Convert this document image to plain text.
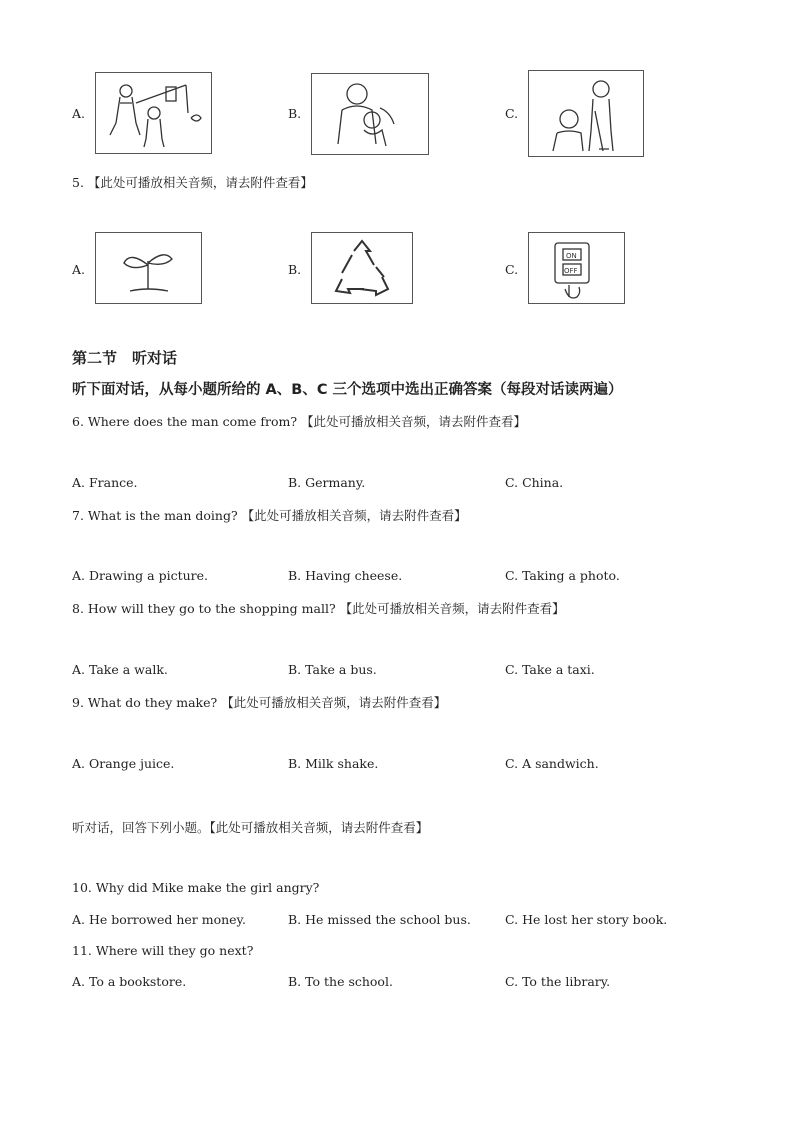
A.	B.	C.
5. 【此处可播放相关音频，请去附件查看】
A.	B.	C.
ON
OFF
第二节　听对话
听下面对话，从每小题所给的 A、B、C 三个选项中选出正确答案（每段对话读两遍）
6. Where does the man come from? 【此处可播放相关音频，请去附件查看】
A. France.	B. Germany.	C. China.
7. What is the man doing? 【此处可播放相关音频，请去附件查看】
A. Drawing a picture.	B. Having cheese.	C. Taking a photo.
8. How will they go to the shopping mall? 【此处可播放相关音频，请去附件查看】
A. Take a walk.	B. Take a bus.	C. Take a taxi.
9. What do they make? 【此处可播放相关音频，请去附件查看】
A. Orange juice.	B. Milk shake.	C. A sandwich.
听对话，回答下列小题。【此处可播放相关音频，请去附件查看】
10. Why did Mike make the girl angry?
A. He borrowed her money.	B. He missed the school bus.	C. He lost her story book.
11. Where will they go next?
A. To a bookstore.	B. To the school.	C. To the library.
